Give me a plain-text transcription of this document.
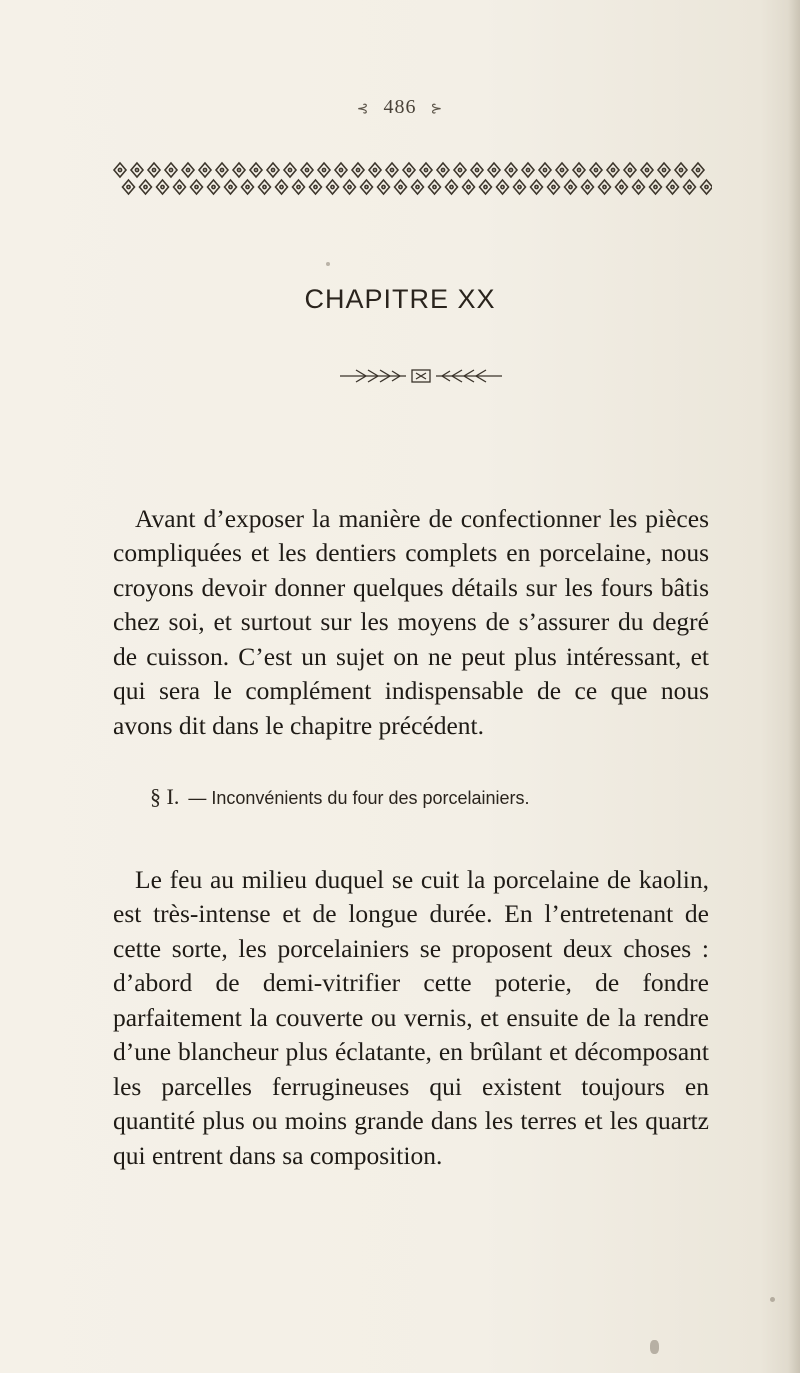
⊰ 486 ⊱
CHAPITRE XX

Avant d’exposer la manière de confectionner les pièces compliquées et les dentiers complets en porcelaine, nous croyons devoir donner quelques détails sur les fours bâtis chez soi, et surtout sur les moyens de s’assurer du degré de cuisson. C’est un sujet on ne peut plus intéressant, et qui sera le complément indispensable de ce que nous avons dit dans le chapitre précédent.

§ I. — Inconvénients du four des porcelainiers.

Le feu au milieu duquel se cuit la porcelaine de kaolin, est très-intense et de longue durée. En l’entretenant de cette sorte, les porcelainiers se proposent deux choses : d’abord de demi-vitrifier cette poterie, de fondre parfaitement la couverte ou vernis, et ensuite de la rendre d’une blancheur plus éclatante, en brûlant et décomposant les parcelles ferrugineuses qui existent toujours en quantité plus ou moins grande dans les terres et les quartz qui entrent dans sa composition.
